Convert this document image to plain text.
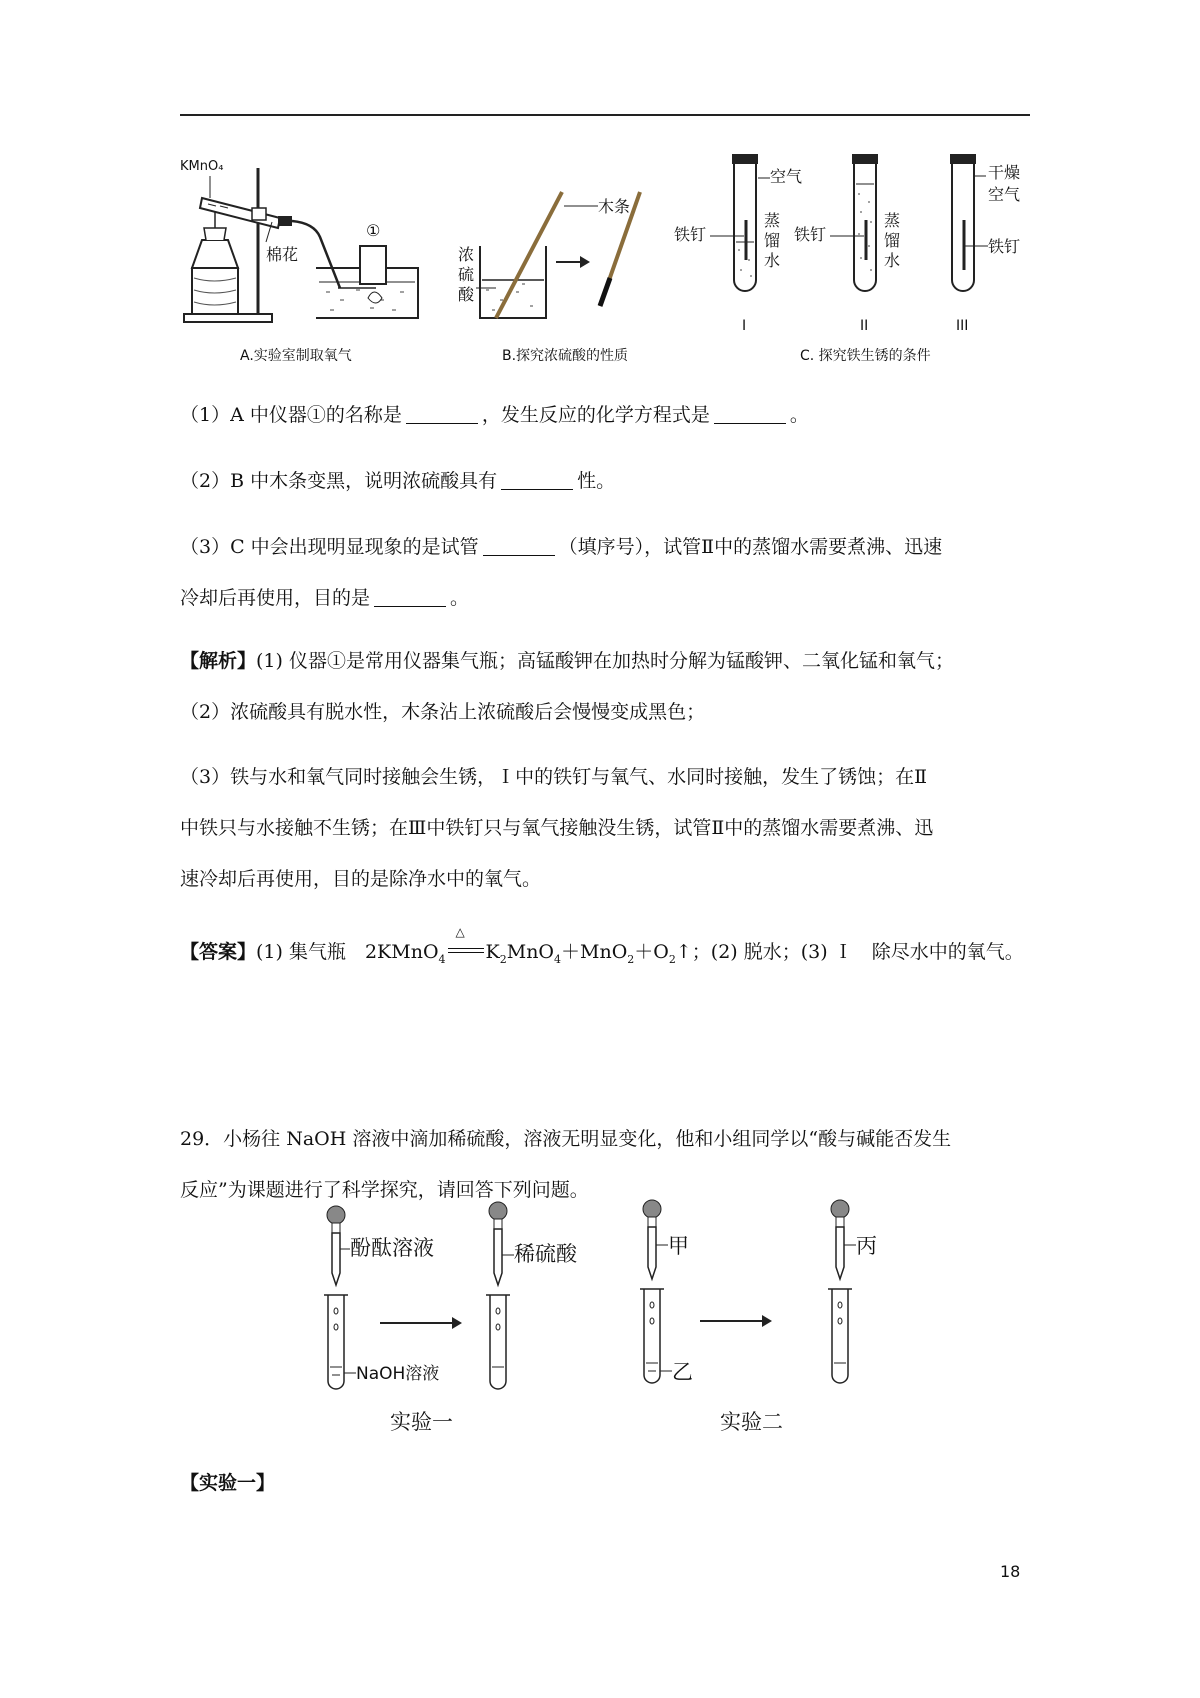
KMnO₄
棉花
①
A.实验室制取氧气
木条
浓
硫
酸
B.探究浓硫酸的性质
空气
铁钉
蒸
馏
水
I
铁钉
蒸
馏
水
II
干燥
空气
铁钉
III
C. 探究铁生锈的条件

（1）A 中仪器①的名称是	，发生反应的化学方程式是	。

（2）B 中木条变黑，说明浓硫酸具有	性。

（3）C 中会出现明显现象的是试管	（填序号），试管Ⅱ中的蒸馏水需要煮沸、迅速
冷却后再使用，目的是	。

【解析】(1) 仪器①是常用仪器集气瓶；高锰酸钾在加热时分解为锰酸钾、二氧化锰和氧气；
（2）浓硫酸具有脱水性，木条沾上浓硫酸后会慢慢变成黑色；

（3）铁与水和氧气同时接触会生锈，Ｉ中的铁钉与氧气、水同时接触，发生了锈蚀；在Ⅱ
中铁只与水接触不生锈；在Ⅲ中铁钉只与氧气接触没生锈，试管Ⅱ中的蒸馏水需要煮沸、迅
速冷却后再使用，目的是除净水中的氧气。

【答案】(1) 集气瓶　2KMnO$_4$
△
$K_2MnO_4+MnO_2+O_2↑$；(2) 脱水；(3) Ｉ　除尽水中的氧气。

29．小杨往 NaOH 溶液中滴加稀硫酸，溶液无明显变化，他和小组同学以“酸与碱能否发生
反应”为课题进行了科学探究，请回答下列问题。

酚酞溶液
NaOH溶液
稀硫酸
实验一
甲
乙
丙
实验二

【实验一】

18
